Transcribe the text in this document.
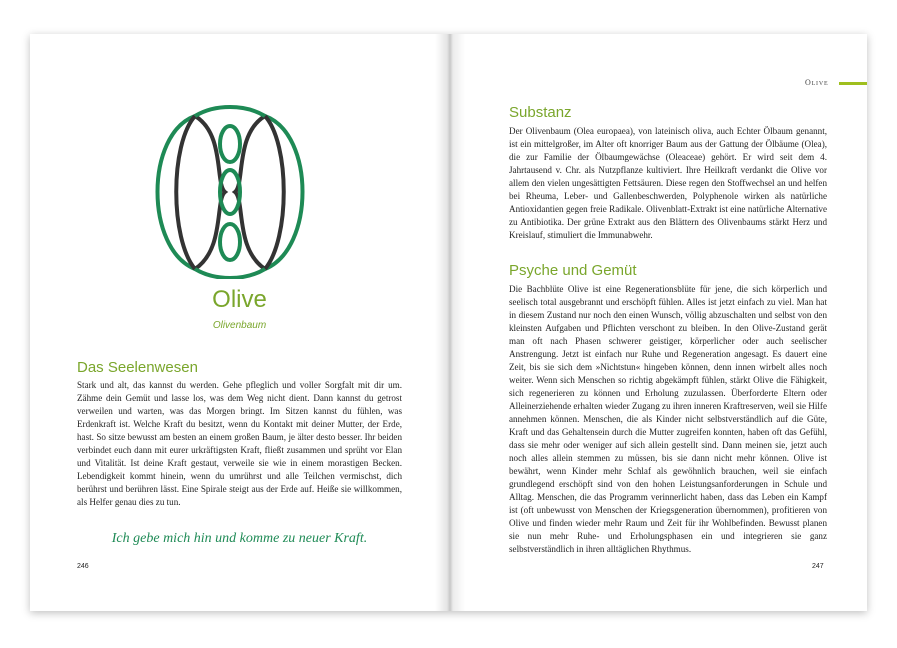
Olive
Olivenbaum
Das Seelenwesen

Stark und alt, das kannst du werden. Gehe pfleglich und voller Sorgfalt mit dir um. Zähme dein Gemüt und lasse los, was dem Weg nicht dient. Dann kannst du getrost verweilen und warten, was das Morgen bringt. Im Sitzen kannst du fühlen, was Erdenkraft ist. Welche Kraft du besitzt, wenn du Kontakt mit deiner Mutter, der Erde, hast. So sitze bewusst am besten an einem großen Baum, je älter desto besser. Ihr beiden verbindet euch dann mit eurer urkräftigsten Kraft, fließt zusammen und sprüht vor Elan und Vitalität. Ist deine Kraft gestaut, verweile sie wie in einem morastigen Becken. Lebendigkeit kommt hinein, wenn du umrührst und alle Teilchen vermischst, dich berührst und berühren lässt. Eine Spirale steigt aus der Erde auf. Heiße sie willkommen, als Helfer genau dies zu tun.

Ich gebe mich hin und komme zu neuer Kraft.
246
Olive
Substanz

Der Olivenbaum (Olea europaea), von lateinisch oliva, auch Echter Ölbaum genannt, ist ein mittelgroßer, im Alter oft knorriger Baum aus der Gattung der Ölbäume (Olea), die zur Familie der Ölbaumgewächse (Oleaceae) gehört. Er wird seit dem 4. Jahrtausend v. Chr. als Nutzpflanze kultiviert. Ihre Heilkraft verdankt die Olive vor allem den vielen ungesättigten Fettsäuren. Diese regen den Stoffwechsel an und helfen bei Rheuma, Leber- und Gallenbeschwerden, Polyphenole wirken als natürliche Antioxidantien gegen freie Radikale. Olivenblatt-Extrakt ist eine natürliche Alternative zu Antibiotika. Der grüne Extrakt aus den Blättern des Olivenbaums stärkt Herz und Kreislauf, stimuliert die Immunabwehr.

Psyche und Gemüt

Die Bachblüte Olive ist eine Regenerationsblüte für jene, die sich körperlich und seelisch total ausgebrannt und erschöpft fühlen. Alles ist jetzt einfach zu viel. Man hat in diesem Zustand nur noch den einen Wunsch, völlig abzuschalten und selbst von den kleinsten Aufgaben und Pflichten verschont zu bleiben. In den Olive-Zustand gerät man oft nach Phasen schwerer geistiger, körperlicher oder auch seelischer Anstrengung. Jetzt ist einfach nur Ruhe und Regeneration angesagt. Es dauert eine Zeit, bis sie sich dem »Nichtstun« hingeben können, denn innen wirbelt alles noch weiter. Wenn sich Menschen so richtig abgekämpft fühlen, stärkt Olive die Fähigkeit, sich regenerieren zu können und Erholung zuzulassen. Überforderte Eltern oder Alleinerziehende erhalten wieder Zugang zu ihren inneren Kraftreserven, weil sie Hilfe annehmen können. Menschen, die als Kinder nicht selbstverständlich auf die Güte, Kraft und das Gehaltensein durch die Mutter zugreifen konnten, haben oft das Gefühl, dass sie mehr oder weniger auf sich allein gestellt sind. Dann meinen sie, jetzt auch noch alles allein stemmen zu müssen, bis sie dann nicht mehr können. Olive ist bewährt, wenn Kinder mehr Schlaf als gewöhnlich brauchen, weil sie einfach grundlegend erschöpft sind von den hohen Leistungsanforderungen in Schule und Alltag. Menschen, die das Programm verinnerlicht haben, dass das Leben ein Kampf ist (oft unbewusst von Menschen der Kriegsgeneration übernommen), profitieren von Olive und finden wieder mehr Raum und Zeit für ihr Wohlbefinden. Bewusst planen sie nun mehr Ruhe- und Erholungsphasen ein und integrieren sie ganz selbstverständlich in ihren alltäglichen Rhythmus.

247
